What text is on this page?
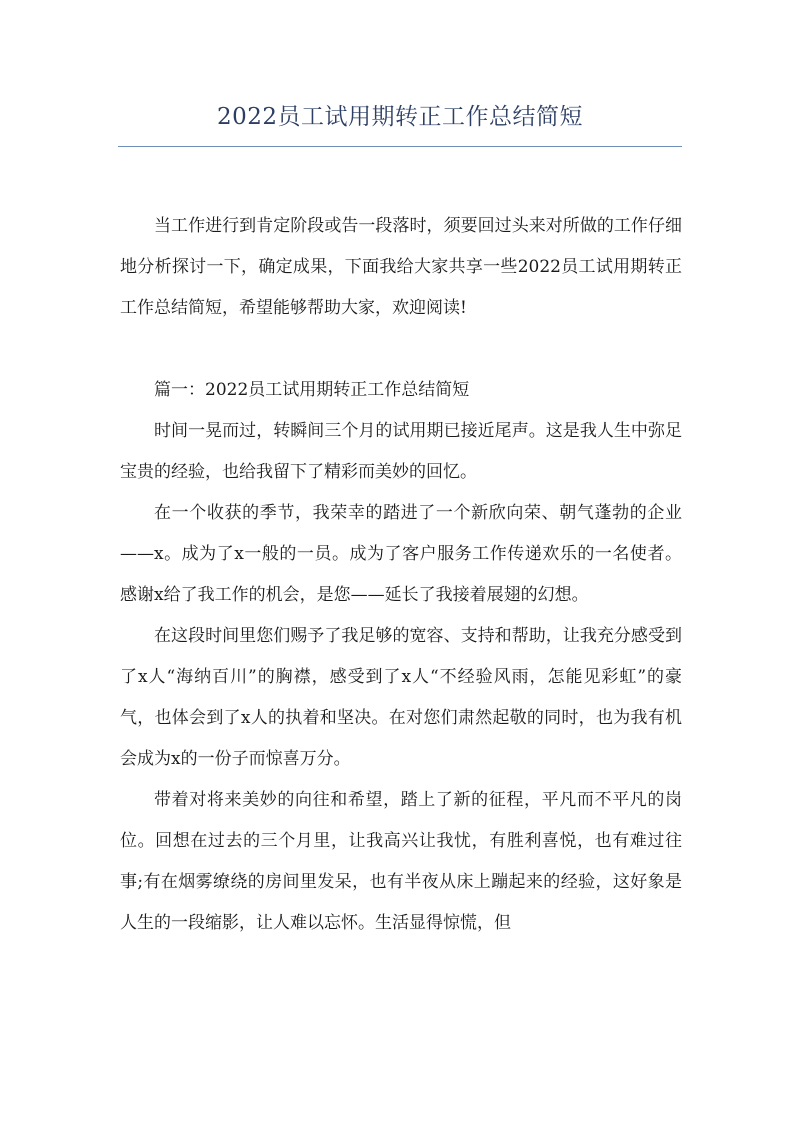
2022员工试用期转正工作总结简短

当工作进行到肯定阶段或告一段落时，须要回过头来对所做的工作仔细地分析探讨一下，确定成果，下面我给大家共享一些2022员工试用期转正工作总结简短，希望能够帮助大家，欢迎阅读!

篇一：2022员工试用期转正工作总结简短

时间一晃而过，转瞬间三个月的试用期已接近尾声。这是我人生中弥足宝贵的经验，也给我留下了精彩而美妙的回忆。

在一个收获的季节，我荣幸的踏进了一个新欣向荣、朝气蓬勃的企业——x。成为了x一般的一员。成为了客户服务工作传递欢乐的一名使者。感谢x给了我工作的机会，是您——延长了我接着展翅的幻想。

在这段时间里您们赐予了我足够的宽容、支持和帮助，让我充分感受到了x人“海纳百川”的胸襟，感受到了x人“不经验风雨，怎能见彩虹”的豪气，也体会到了x人的执着和坚决。在对您们肃然起敬的同时，也为我有机会成为x的一份子而惊喜万分。

带着对将来美妙的向往和希望，踏上了新的征程，平凡而不平凡的岗位。回想在过去的三个月里，让我高兴让我忧，有胜利喜悦，也有难过往事;有在烟雾缭绕的房间里发呆，也有半夜从床上蹦起来的经验，这好象是人生的一段缩影，让人难以忘怀。生活显得惊慌，但
